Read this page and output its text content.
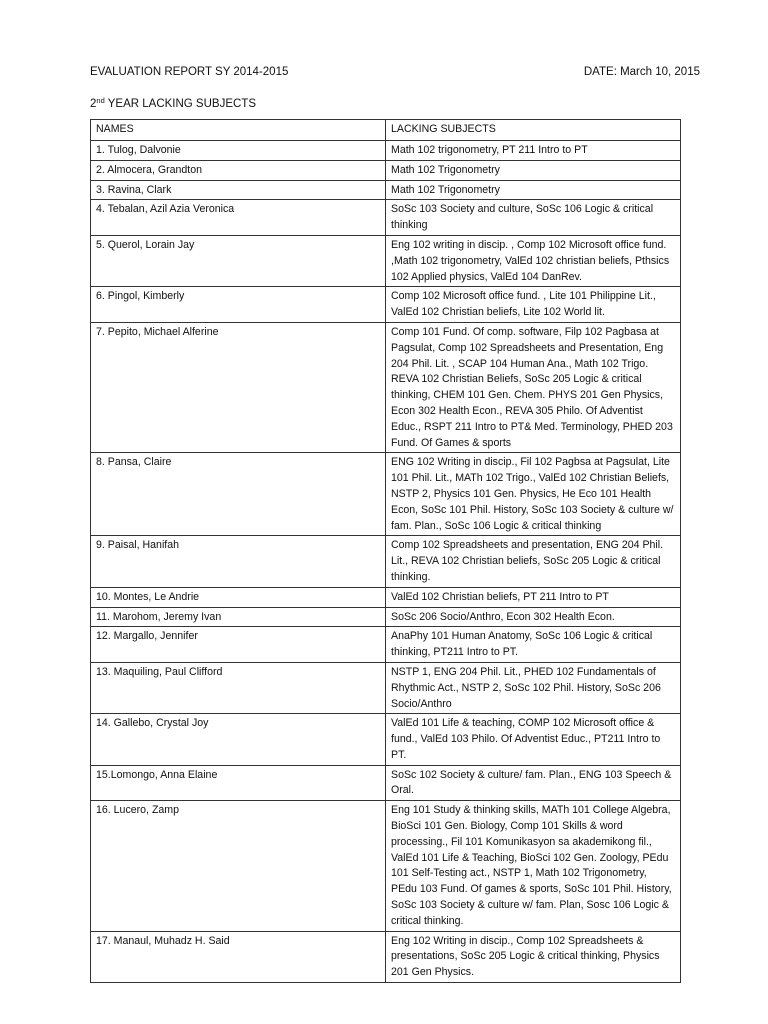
EVALUATION REPORT SY 2014-2015	DATE: March 10, 2015
2nd YEAR LACKING SUBJECTS
NAMES	LACKING SUBJECTS
1. Tulog, Dalvonie	Math 102 trigonometry, PT 211 Intro to PT
2. Almocera, Grandton	Math 102 Trigonometry
3. Ravina, Clark	Math 102 Trigonometry
4. Tebalan, Azil Azia Veronica	SoSc 103 Society and culture, SoSc 106 Logic & critical thinking
5. Querol, Lorain Jay	Eng 102 writing in discip. , Comp 102 Microsoft office fund. ,Math 102 trigonometry, ValEd 102 christian beliefs, Pthsics 102 Applied physics, ValEd 104 DanRev.
6. Pingol, Kimberly	Comp 102 Microsoft office fund. , Lite 101 Philippine Lit., ValEd 102 Christian beliefs, Lite 102 World lit.
7. Pepito, Michael Alferine	Comp 101 Fund. Of comp. software, Filp 102 Pagbasa at Pagsulat, Comp 102 Spreadsheets and Presentation, Eng 204 Phil. Lit. , SCAP 104 Human Ana., Math 102 Trigo. REVA 102 Christian Beliefs, SoSc 205 Logic & critical thinking, CHEM 101 Gen. Chem. PHYS 201 Gen Physics, Econ 302 Health Econ., REVA 305 Philo. Of Adventist Educ., RSPT 211 Intro to PT& Med. Terminology, PHED 203 Fund. Of Games & sports
8. Pansa, Claire	ENG 102 Writing in discip., Fil 102 Pagbsa at Pagsulat, Lite 101 Phil. Lit., MATh 102 Trigo., ValEd 102 Christian Beliefs, NSTP 2, Physics 101 Gen. Physics, He Eco 101 Health Econ, SoSc 101 Phil. History, SoSc 103 Society & culture w/ fam. Plan., SoSc 106 Logic & critical thinking
9. Paisal, Hanifah	Comp 102 Spreadsheets and presentation, ENG 204 Phil. Lit., REVA 102 Christian beliefs, SoSc 205 Logic & critical thinking.
10. Montes, Le Andrie	ValEd 102 Christian beliefs, PT 211 Intro to PT
11. Marohom, Jeremy Ivan	SoSc 206 Socio/Anthro, Econ 302 Health Econ.
12. Margallo, Jennifer	AnaPhy 101 Human Anatomy, SoSc 106 Logic & critical thinking, PT211 Intro to PT.
13. Maquiling, Paul Clifford	NSTP 1, ENG 204 Phil. Lit., PHED 102 Fundamentals of Rhythmic Act., NSTP 2, SoSc 102 Phil. History, SoSc 206 Socio/Anthro
14. Gallebo, Crystal Joy	ValEd 101 Life & teaching, COMP 102 Microsoft office & fund., ValEd 103 Philo. Of Adventist Educ., PT211 Intro to PT.
15.Lomongo, Anna Elaine	SoSc 102 Society & culture/ fam. Plan., ENG 103 Speech & Oral.
16. Lucero, Zamp	Eng 101 Study & thinking skills, MATh 101 College Algebra, BioSci 101 Gen. Biology, Comp 101 Skills & word processing., Fil 101 Komunikasyon sa akademikong fil., ValEd 101 Life & Teaching, BioSci 102 Gen. Zoology, PEdu 101 Self-Testing act., NSTP 1, Math 102 Trigonometry, PEdu 103 Fund. Of games & sports, SoSc 101 Phil. History, SoSc 103 Society & culture w/ fam. Plan, Sosc 106 Logic & critical thinking.
17. Manaul, Muhadz H. Said	Eng 102 Writing in discip., Comp 102 Spreadsheets & presentations, SoSc 205 Logic & critical thinking, Physics 201 Gen Physics.
